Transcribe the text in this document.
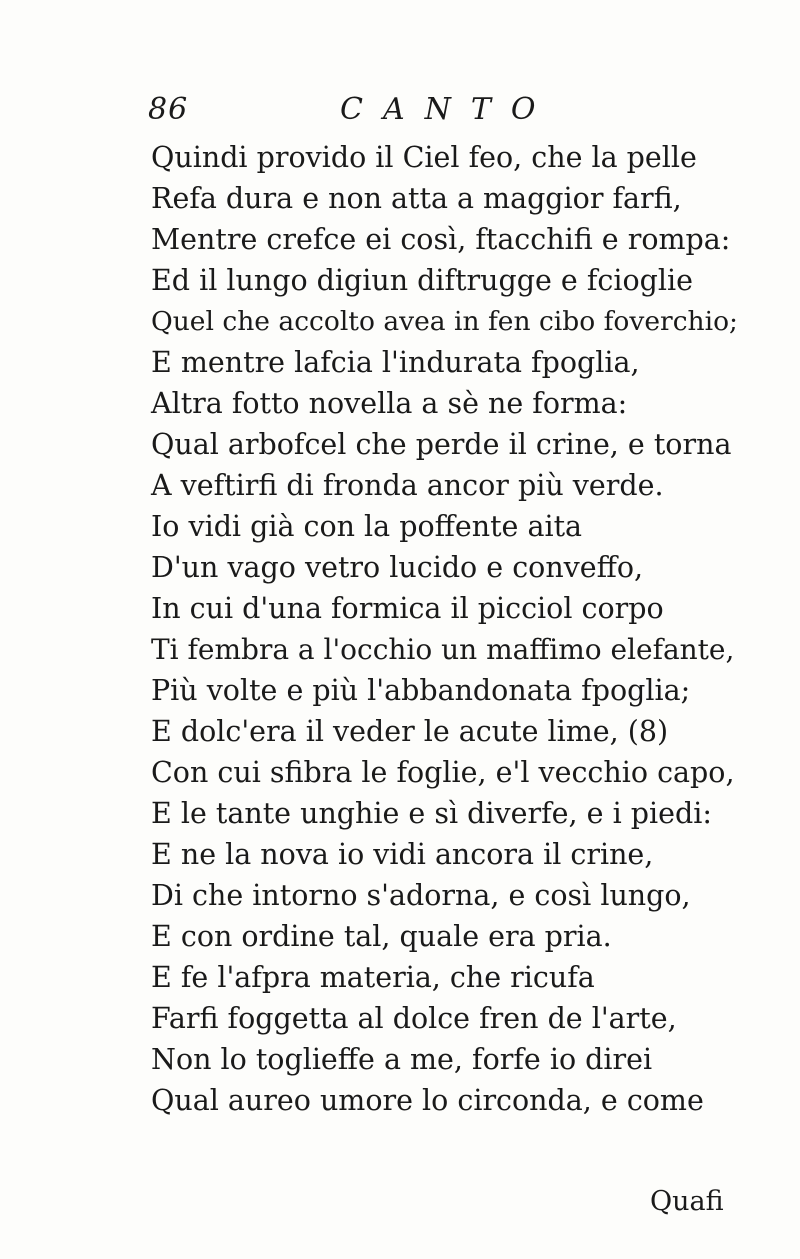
86	CANTO
Quindi provido il Ciel feo, che la pelle
Refa dura e non atta a maggior farfi,
Mentre crefce ei così, ftacchifi e rompa:
Ed il lungo digiun diftrugge e fcioglie
Quel che accolto avea in fen cibo foverchio;
E mentre lafcia l'indurata fpoglia,
Altra fotto novella a sè ne forma:
Qual arbofcel che perde il crine, e torna
A veftirfi di fronda ancor più verde.
Io vidi già con la poffente aita
D'un vago vetro lucido e conveffo,
In cui d'una formica il picciol corpo
Ti fembra a l'occhio un maffimo elefante,
Più volte e più l'abbandonata fpoglia;
E dolc'era il veder le acute lime, (8)
Con cui sfibra le foglie, e'l vecchio capo,
E le tante unghie e sì diverfe, e i piedi:
E ne la nova io vidi ancora il crine,
Di che intorno s'adorna, e così lungo,
E con ordine tal, quale era pria.
E fe l'afpra materia, che ricufa
Farfi foggetta al dolce fren de l'arte,
Non lo toglieffe a me, forfe io direi
Qual aureo umore lo circonda, e come
Quafi
